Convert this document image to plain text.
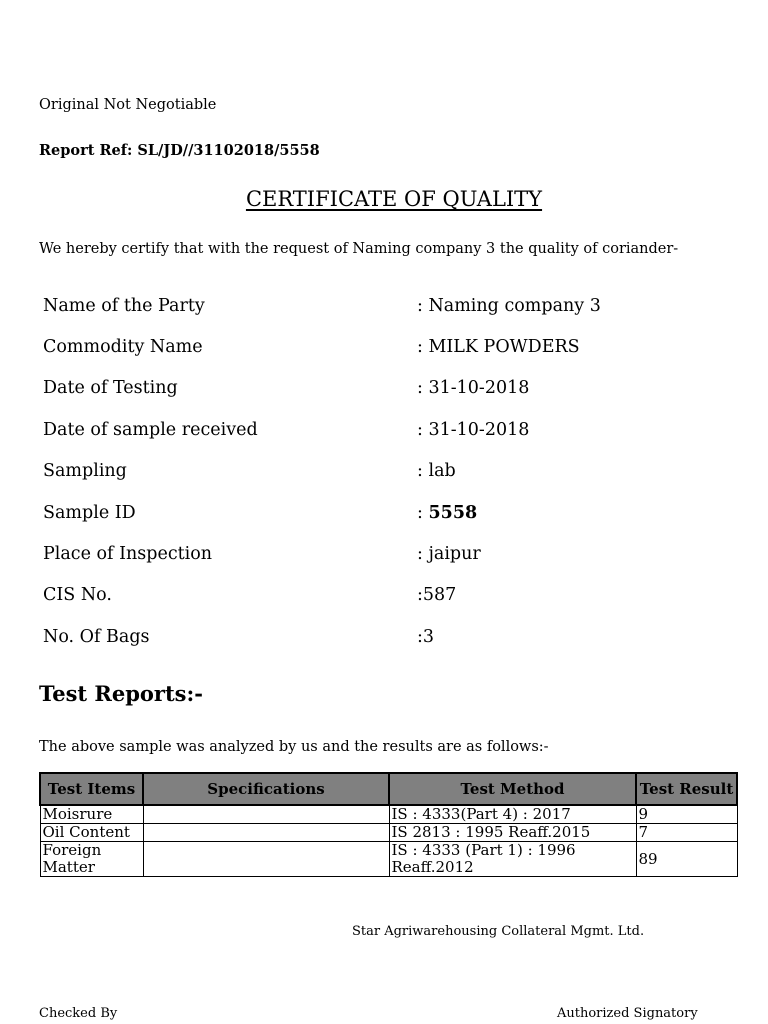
Original Not Negotiable
Report Ref: SL/JD//31102018/5558
CERTIFICATE OF QUALITY
We hereby certify that with the request of Naming company 3 the quality of coriander-
Name of the Party	: Naming company 3
Commodity Name	: MILK POWDERS
Date of Testing	: 31-10-2018
Date of sample received	: 31-10-2018
Sampling	: lab
Sample ID	: 5558
Place of Inspection	: jaipur
CIS No.	:587
No. Of Bags	:3
Test Reports:-
The above sample was analyzed by us and the results are as follows:-
Test Items	Specifications	Test Method	Test Result
Moisrure		IS : 4333(Part 4) : 2017	9
Oil Content		IS 2813 : 1995 Reaff.2015	7
Foreign Matter		IS : 4333 (Part 1) : 1996 Reaff.2012	89
Star Agriwarehousing Collateral Mgmt. Ltd.
Checked By	Authorized Signatory
